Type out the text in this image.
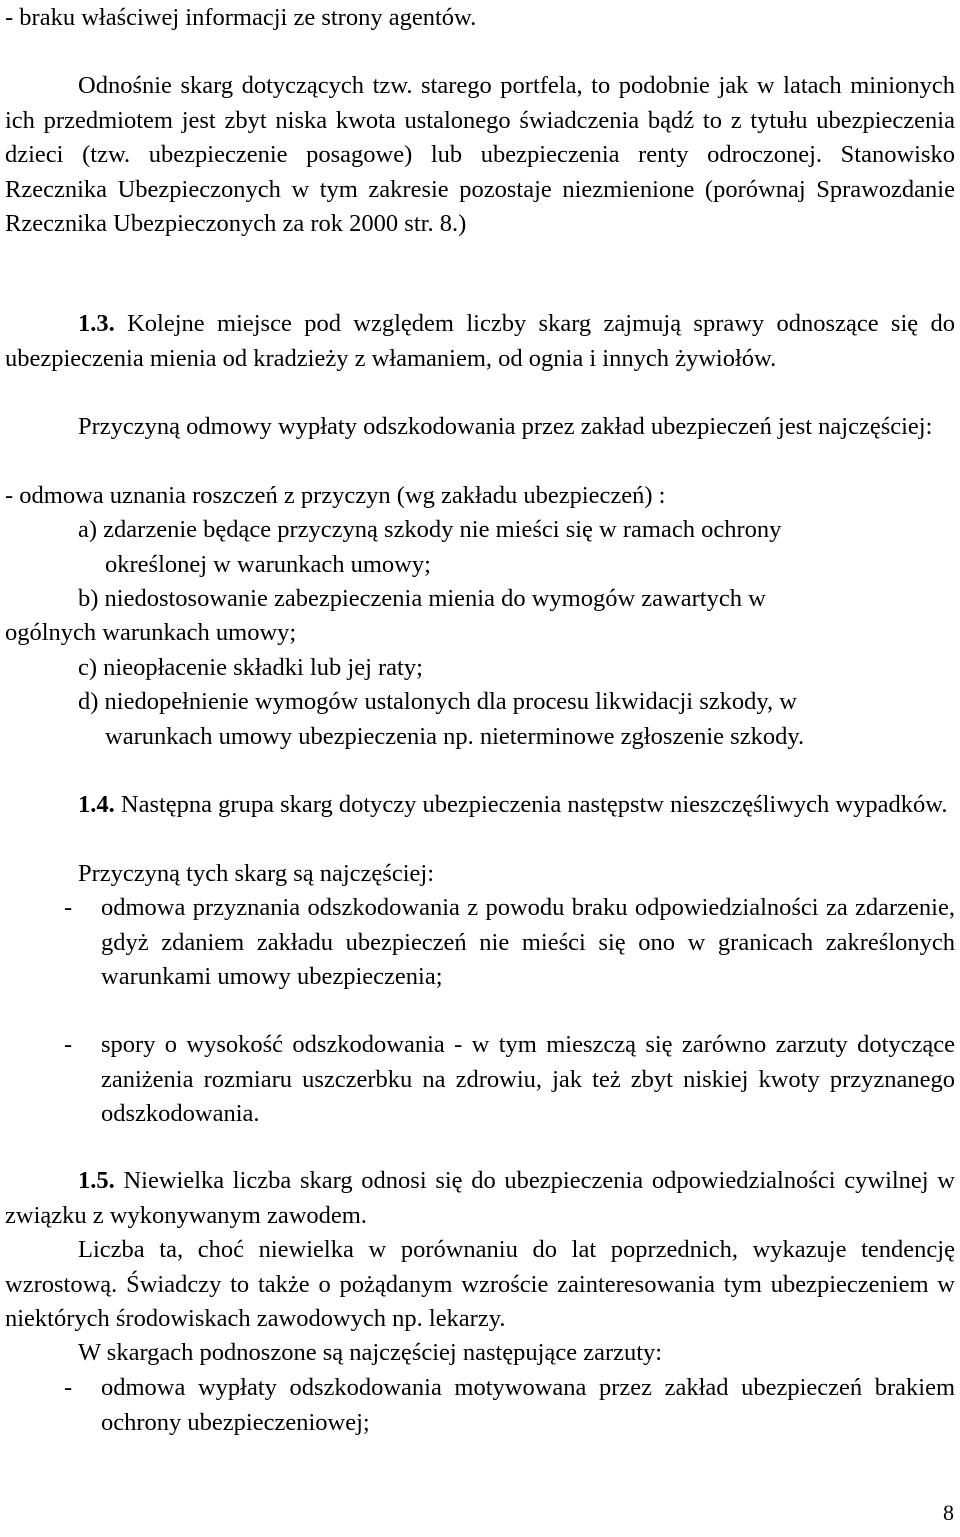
- braku właściwej informacji ze strony agentów.

Odnośnie skarg dotyczących tzw. starego portfela, to podobnie jak w latach minionych ich przedmiotem jest zbyt niska kwota ustalonego świadczenia bądź to z tytułu ubezpieczenia dzieci (tzw. ubezpieczenie posagowe) lub ubezpieczenia renty odroczonej. Stanowisko Rzecznika Ubezpieczonych w tym zakresie pozostaje niezmienione (porównaj Sprawozdanie Rzecznika Ubezpieczonych za rok 2000 str. 8.)

1.3. Kolejne miejsce pod względem liczby skarg zajmują sprawy odnoszące się do ubezpieczenia mienia od kradzieży z włamaniem, od ognia i innych żywiołów.

Przyczyną odmowy wypłaty odszkodowania przez zakład ubezpieczeń jest najczęściej:

- odmowa uznania roszczeń z przyczyn (wg zakładu ubezpieczeń) :

a) zdarzenie będące przyczyną szkody nie mieści się w ramach ochrony

określonej w warunkach umowy;

b) niedostosowanie zabezpieczenia mienia do wymogów zawartych w

ogólnych warunkach umowy;

c) nieopłacenie składki lub jej raty;

d) niedopełnienie wymogów ustalonych dla procesu likwidacji szkody, w

warunkach umowy ubezpieczenia np. nieterminowe zgłoszenie szkody.

1.4. Następna grupa skarg dotyczy ubezpieczenia następstw nieszczęśliwych wypadków.

Przyczyną tych skarg są najczęściej:

- odmowa przyznania odszkodowania z powodu braku odpowiedzialności za zdarzenie, gdyż zdaniem zakładu ubezpieczeń nie mieści się ono w granicach zakreślonych warunkami umowy ubezpieczenia;

- spory o wysokość odszkodowania - w tym mieszczą się zarówno zarzuty dotyczące zaniżenia rozmiaru uszczerbku na zdrowiu, jak też zbyt niskiej kwoty przyznanego odszkodowania.

1.5. Niewielka liczba skarg odnosi się do ubezpieczenia odpowiedzialności cywilnej w związku z wykonywanym zawodem.

Liczba ta, choć niewielka w porównaniu do lat poprzednich, wykazuje tendencję wzrostową. Świadczy to także o pożądanym wzroście zainteresowania tym ubezpieczeniem w niektórych środowiskach zawodowych np. lekarzy.

W skargach podnoszone są najczęściej następujące zarzuty:

- odmowa wypłaty odszkodowania motywowana przez zakład ubezpieczeń brakiem ochrony ubezpieczeniowej;

8
